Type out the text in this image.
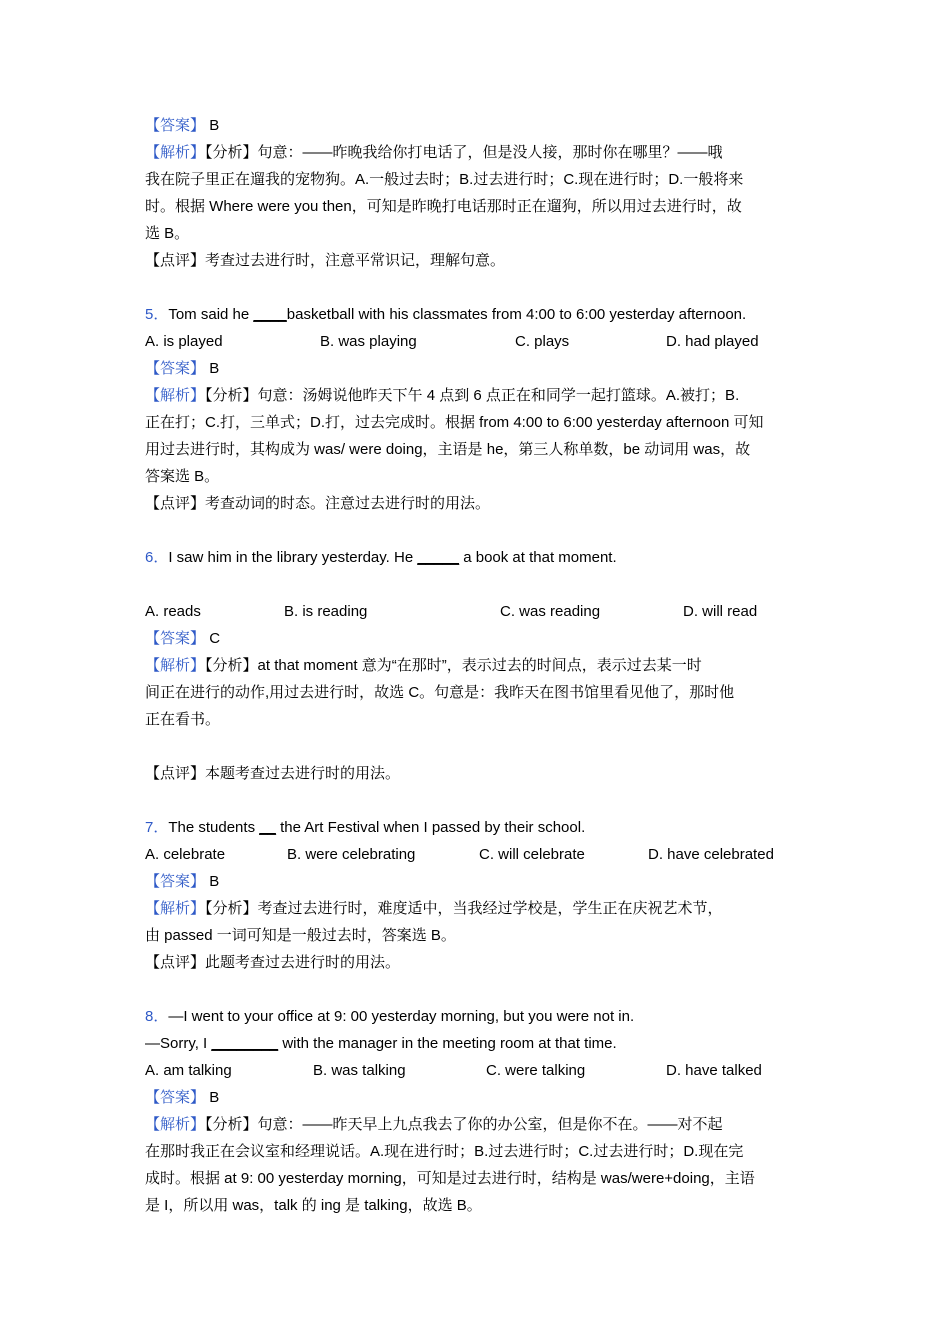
【答案】 B
【解析】【分析】句意：——昨晚我给你打电话了，但是没人接，那时你在哪里？——哦
我在院子里正在遛我的宠物狗。A.一般过去时；B.过去进行时；C.现在进行时；D.一般将来
时。根据 Where were you then，可知是昨晚打电话那时正在遛狗，所以用过去进行时，故
选 B。
【点评】考查过去进行时，注意平常识记，理解句意。
5．Tom said he ____basketball with his classmates from 4:00 to 6:00 yesterday afternoon.
A. is played	B. was playing	C. plays	D. had played
【答案】 B
【解析】【分析】句意：汤姆说他昨天下午 4 点到 6 点正在和同学一起打篮球。A.被打；B.
正在打；C.打，三单式；D.打，过去完成时。根据 from 4:00 to 6:00 yesterday afternoon 可知
用过去进行时，其构成为 was/ were doing，主语是 he，第三人称单数，be 动词用 was，故
答案选 B。
【点评】考查动词的时态。注意过去进行时的用法。
6．I saw him in the library yesterday. He _____ a book at that moment.
A. reads	B. is reading	C. was reading	D. will read
【答案】 C
【解析】【分析】at that moment 意为“在那时”，表示过去的时间点，表示过去某一时
间正在进行的动作,用过去进行时，故选 C。句意是：我昨天在图书馆里看见他了，那时他
正在看书。
【点评】本题考查过去进行时的用法。
7．The students __ the Art Festival when I passed by their school.
A. celebrate	B. were celebrating	C. will celebrate	D. have celebrated
【答案】 B
【解析】【分析】考查过去进行时，难度适中，当我经过学校是，学生正在庆祝艺术节，
由 passed 一词可知是一般过去时，答案选 B。
【点评】此题考查过去进行时的用法。
8．—I went to your office at 9: 00 yesterday morning, but you were not in.
—Sorry, I ________ with the manager in the meeting room at that time.
A. am talking	B. was talking	C. were talking	D. have talked
【答案】 B
【解析】【分析】句意：——昨天早上九点我去了你的办公室，但是你不在。——对不起
在那时我正在会议室和经理说话。A.现在进行时；B.过去进行时；C.过去进行时；D.现在完
成时。根据 at 9: 00 yesterday morning，可知是过去进行时，结构是 was/were+doing，主语
是 I，所以用 was，talk 的 ing 是 talking，故选 B。
